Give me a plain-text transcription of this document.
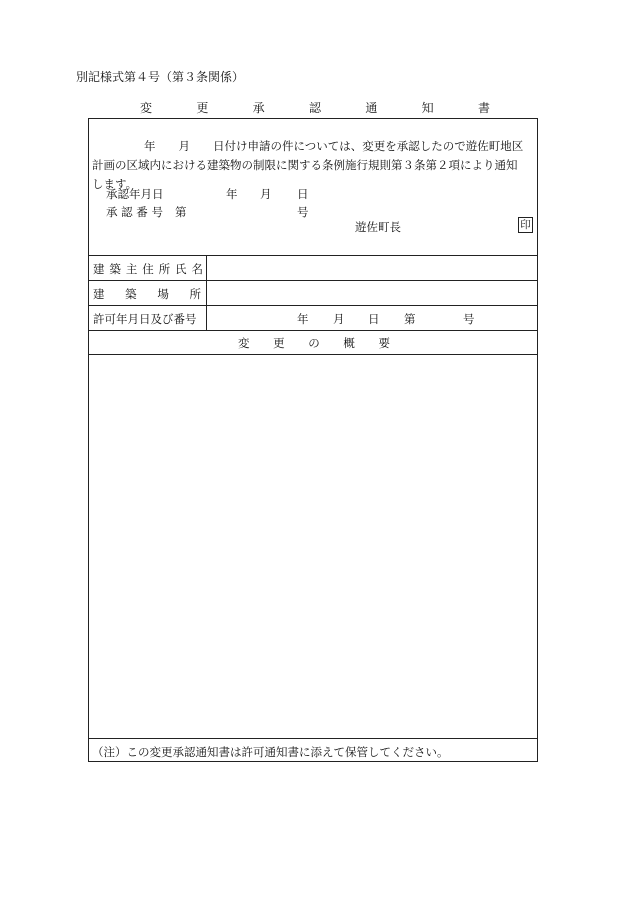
別記様式第４号（第３条関係）
変	更	承	認	通	知	書
年　　月　　日付け申請の件については、変更を承認したので遊佐町地区
計画の区域内における建築物の制限に関する条例施行規則第３条第２項により通知
します。
承認年月日	年 月 日
承 認 番 号 第	号
遊佐町長	印
建 築 主 住 所 氏 名
建 築 場 所
許可年月日及び番号	年 月 日 第	号
変 更 の 概 要
（注）この変更承認通知書は許可通知書に添えて保管してください。
